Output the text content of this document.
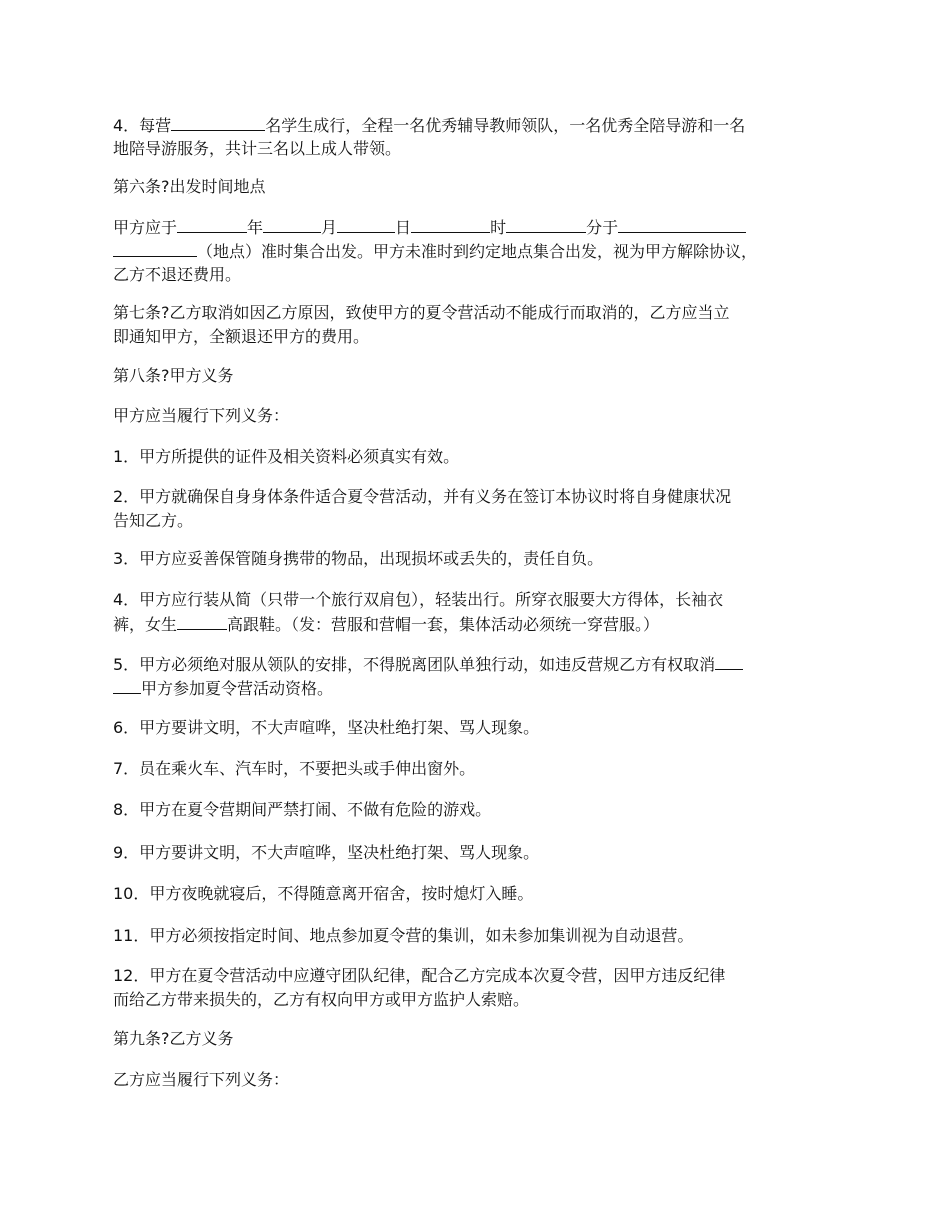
4．每营	名学生成行，全程一名优秀辅导教师领队，一名优秀全陪导游和一名
地陪导游服务，共计三名以上成人带领。

第六条?出发时间地点

甲方应于	年	月	日	时	分于
（地点）准时集合出发。甲方未准时到约定地点集合出发，视为甲方解除协议，
乙方不退还费用。

第七条?乙方取消如因乙方原因，致使甲方的夏令营活动不能成行而取消的，乙方应当立
即通知甲方，全额退还甲方的费用。

第八条?甲方义务

甲方应当履行下列义务：

1．甲方所提供的证件及相关资料必须真实有效。

2．甲方就确保自身身体条件适合夏令营活动，并有义务在签订本协议时将自身健康状况
告知乙方。

3．甲方应妥善保管随身携带的物品，出现损坏或丢失的，责任自负。

4．甲方应行装从简（只带一个旅行双肩包），轻装出行。所穿衣服要大方得体，长袖衣
裤，女生	高跟鞋。（发：营服和营帽一套，集体活动必须统一穿营服。）

5．甲方必须绝对服从领队的安排，不得脱离团队单独行动，如违反营规乙方有权取消
甲方参加夏令营活动资格。

6．甲方要讲文明，不大声喧哗，坚决杜绝打架、骂人现象。

7．员在乘火车、汽车时，不要把头或手伸出窗外。

8．甲方在夏令营期间严禁打闹、不做有危险的游戏。

9．甲方要讲文明，不大声喧哗，坚决杜绝打架、骂人现象。

10．甲方夜晚就寝后，不得随意离开宿舍，按时熄灯入睡。

11．甲方必须按指定时间、地点参加夏令营的集训，如未参加集训视为自动退营。

12．甲方在夏令营活动中应遵守团队纪律，配合乙方完成本次夏令营，因甲方违反纪律
而给乙方带来损失的，乙方有权向甲方或甲方监护人索赔。

第九条?乙方义务

乙方应当履行下列义务：
